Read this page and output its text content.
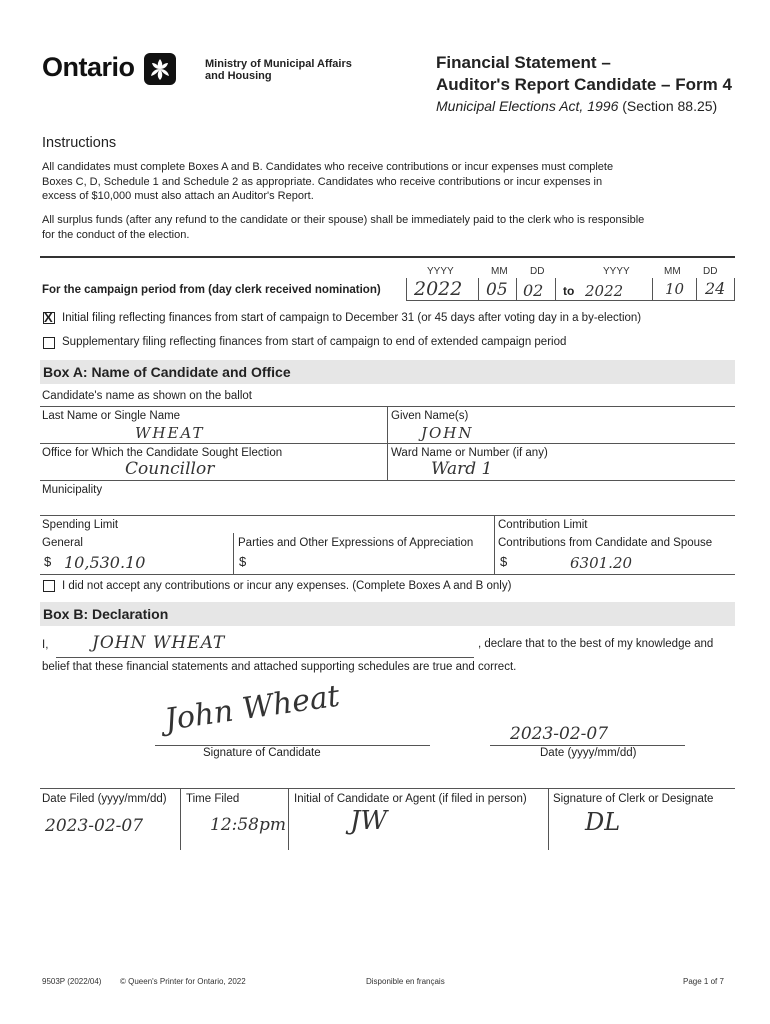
Ontario	Ministry of Municipal Affairs
and Housing
Financial Statement –
Auditor's Report Candidate – Form 4
Municipal Elections Act, 1996 (Section 88.25)
Instructions
All candidates must complete Boxes A and B. Candidates who receive contributions or incur expenses must complete
Boxes C, D, Schedule 1 and Schedule 2 as appropriate. Candidates who receive contributions or incur expenses in
excess of $10,000 must also attach an Auditor's Report.
All surplus funds (after any refund to the candidate or their spouse) shall be immediately paid to the clerk who is responsible
for the conduct of the election.
YYYY	MM DD	YYYY	MM DD
For the campaign period from (day clerk received nomination) 2022 05 02 to 2022	10 24
X Initial filing reflecting finances from start of campaign to December 31 (or 45 days after voting day in a by-election)
Supplementary filing reflecting finances from start of campaign to end of extended campaign period
Box A: Name of Candidate and Office
Candidate's name as shown on the ballot
Last Name or Single Name
WHEAT
Given Name(s)
JOHN
Office for Which the Candidate Sought Election
Councillor
Ward Name or Number (if any)
Ward 1
Municipality
Spending Limit
General
$ 10,530.10
Parties and Other Expressions of Appreciation
$
Contribution Limit
Contributions from Candidate and Spouse
$	6301.20
I did not accept any contributions or incur any expenses. (Complete Boxes A and B only)
Box B: Declaration
I,	JOHN WHEAT	, declare that to the best of my knowledge and
belief that these financial statements and attached supporting schedules are true and correct.
John Wheat
Signature of Candidate
2023-02-07
Date (yyyy/mm/dd)
Date Filed (yyyy/mm/dd)
2023-02-07
Time Filed
12:58pm
Initial of Candidate or Agent (if filed in person)
JW
Signature of Clerk or Designate
DL
9503P (2022/04) © Queen's Printer for Ontario, 2022	Disponible en français	Page 1 of 7
